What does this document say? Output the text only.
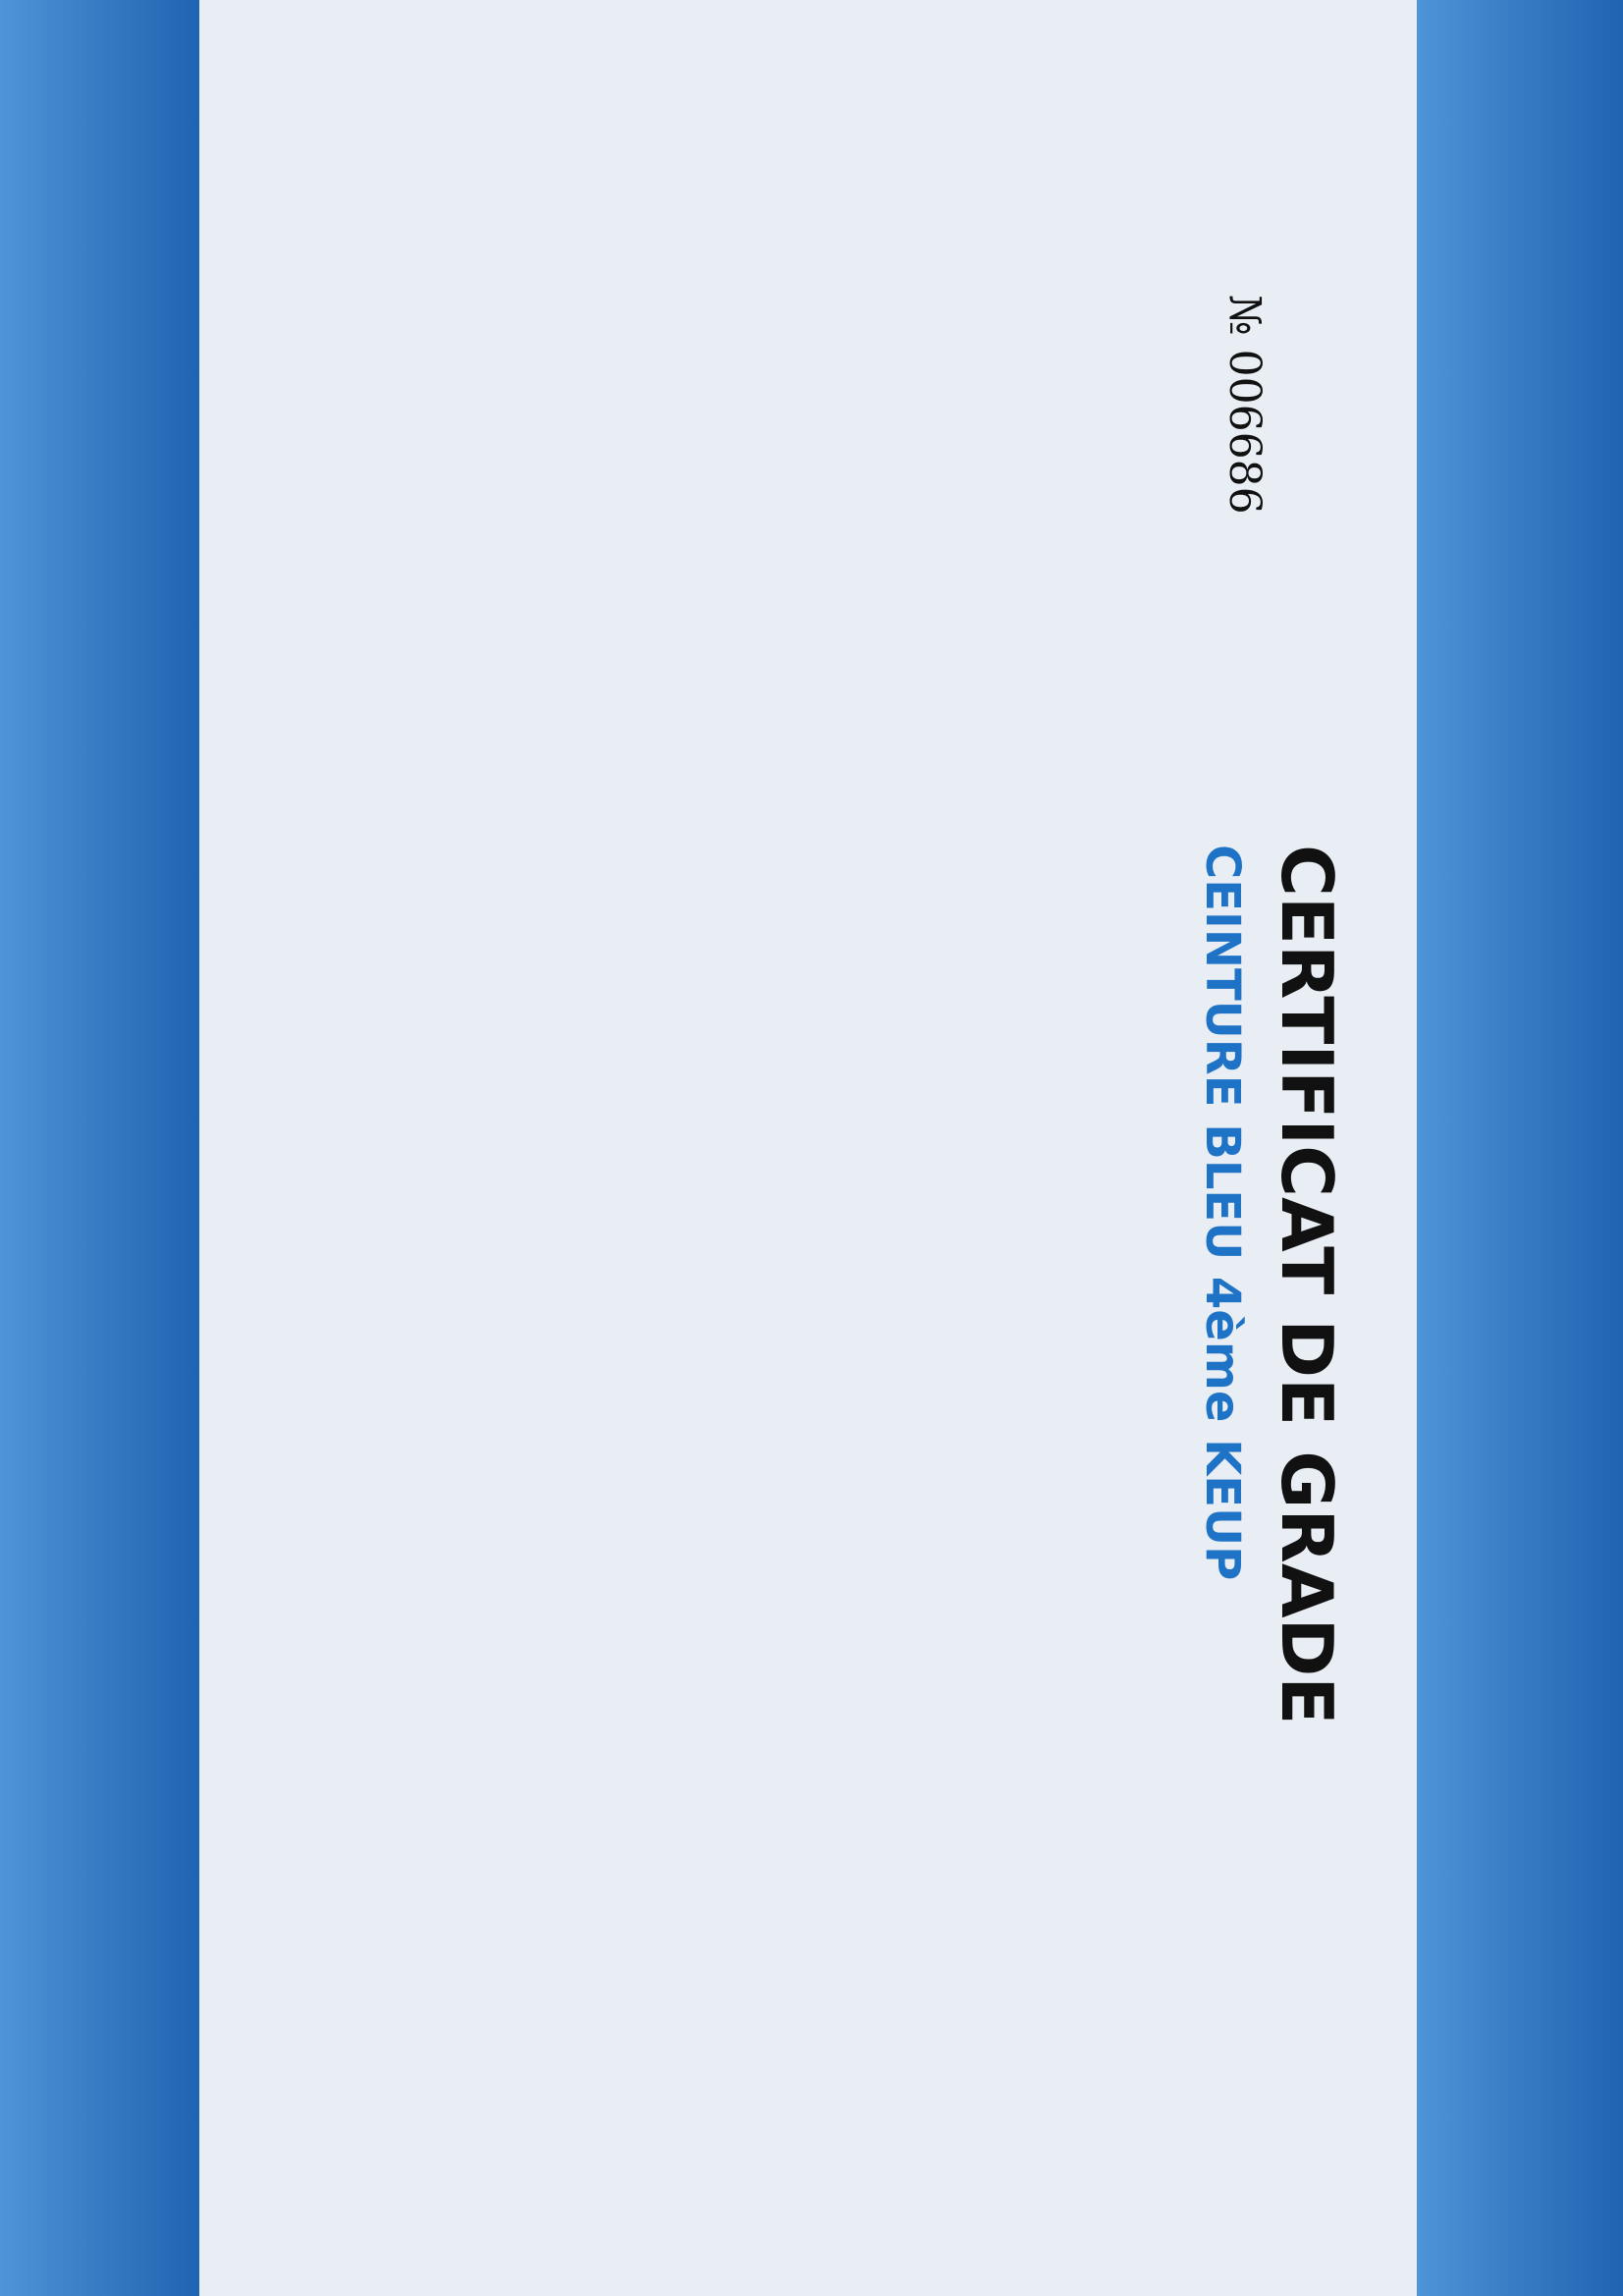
CERTIFICAT DE GRADE
CEINTURE BLEU 4ème KEUP
№ 006686
